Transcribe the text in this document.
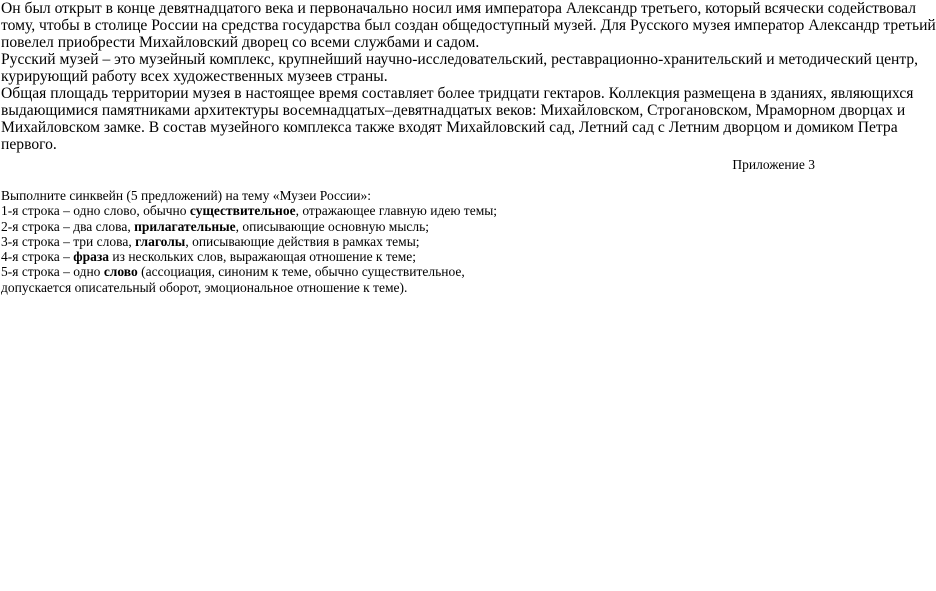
Он был открыт в конце девятнадцатого века и первоначально носил имя императора Александр третьего, который всячески содействовал
тому, чтобы в столице России на средства государства был создан общедоступный музей. Для Русского музея император Александр третьий
повелел приобрести Михайловский дворец со всеми службами и садом.
Русский музей – это музейный комплекс, крупнейший научно-исследовательский, реставрационно-хранительский и методический центр,
курирующий работу всех художественных музеев страны.
Общая площадь территории музея в настоящее время составляет более тридцати гектаров. Коллекция размещена в зданиях, являющихся
выдающимися памятниками архитектуры восемнадцатых–девятнадцатых веков: Михайловском, Строгановском, Мраморном дворцах и
Михайловском замке. В состав музейного комплекса также входят Михайловский сад, Летний сад с Летним дворцом и домиком Петра
первого.
Приложение 3
Выполните синквейн (5 предложений) на тему «Музеи России»:
1-я строка – одно слово, обычно существительное, отражающее главную идею темы;
2-я строка – два слова, прилагательные, описывающие основную мысль;
3-я строка – три слова, глаголы, описывающие действия в рамках темы;
4-я строка – фраза из нескольких слов, выражающая отношение к теме;
5-я строка – одно слово (ассоциация, синоним к теме, обычно существительное,
допускается описательный оборот, эмоциональное отношение к теме).
